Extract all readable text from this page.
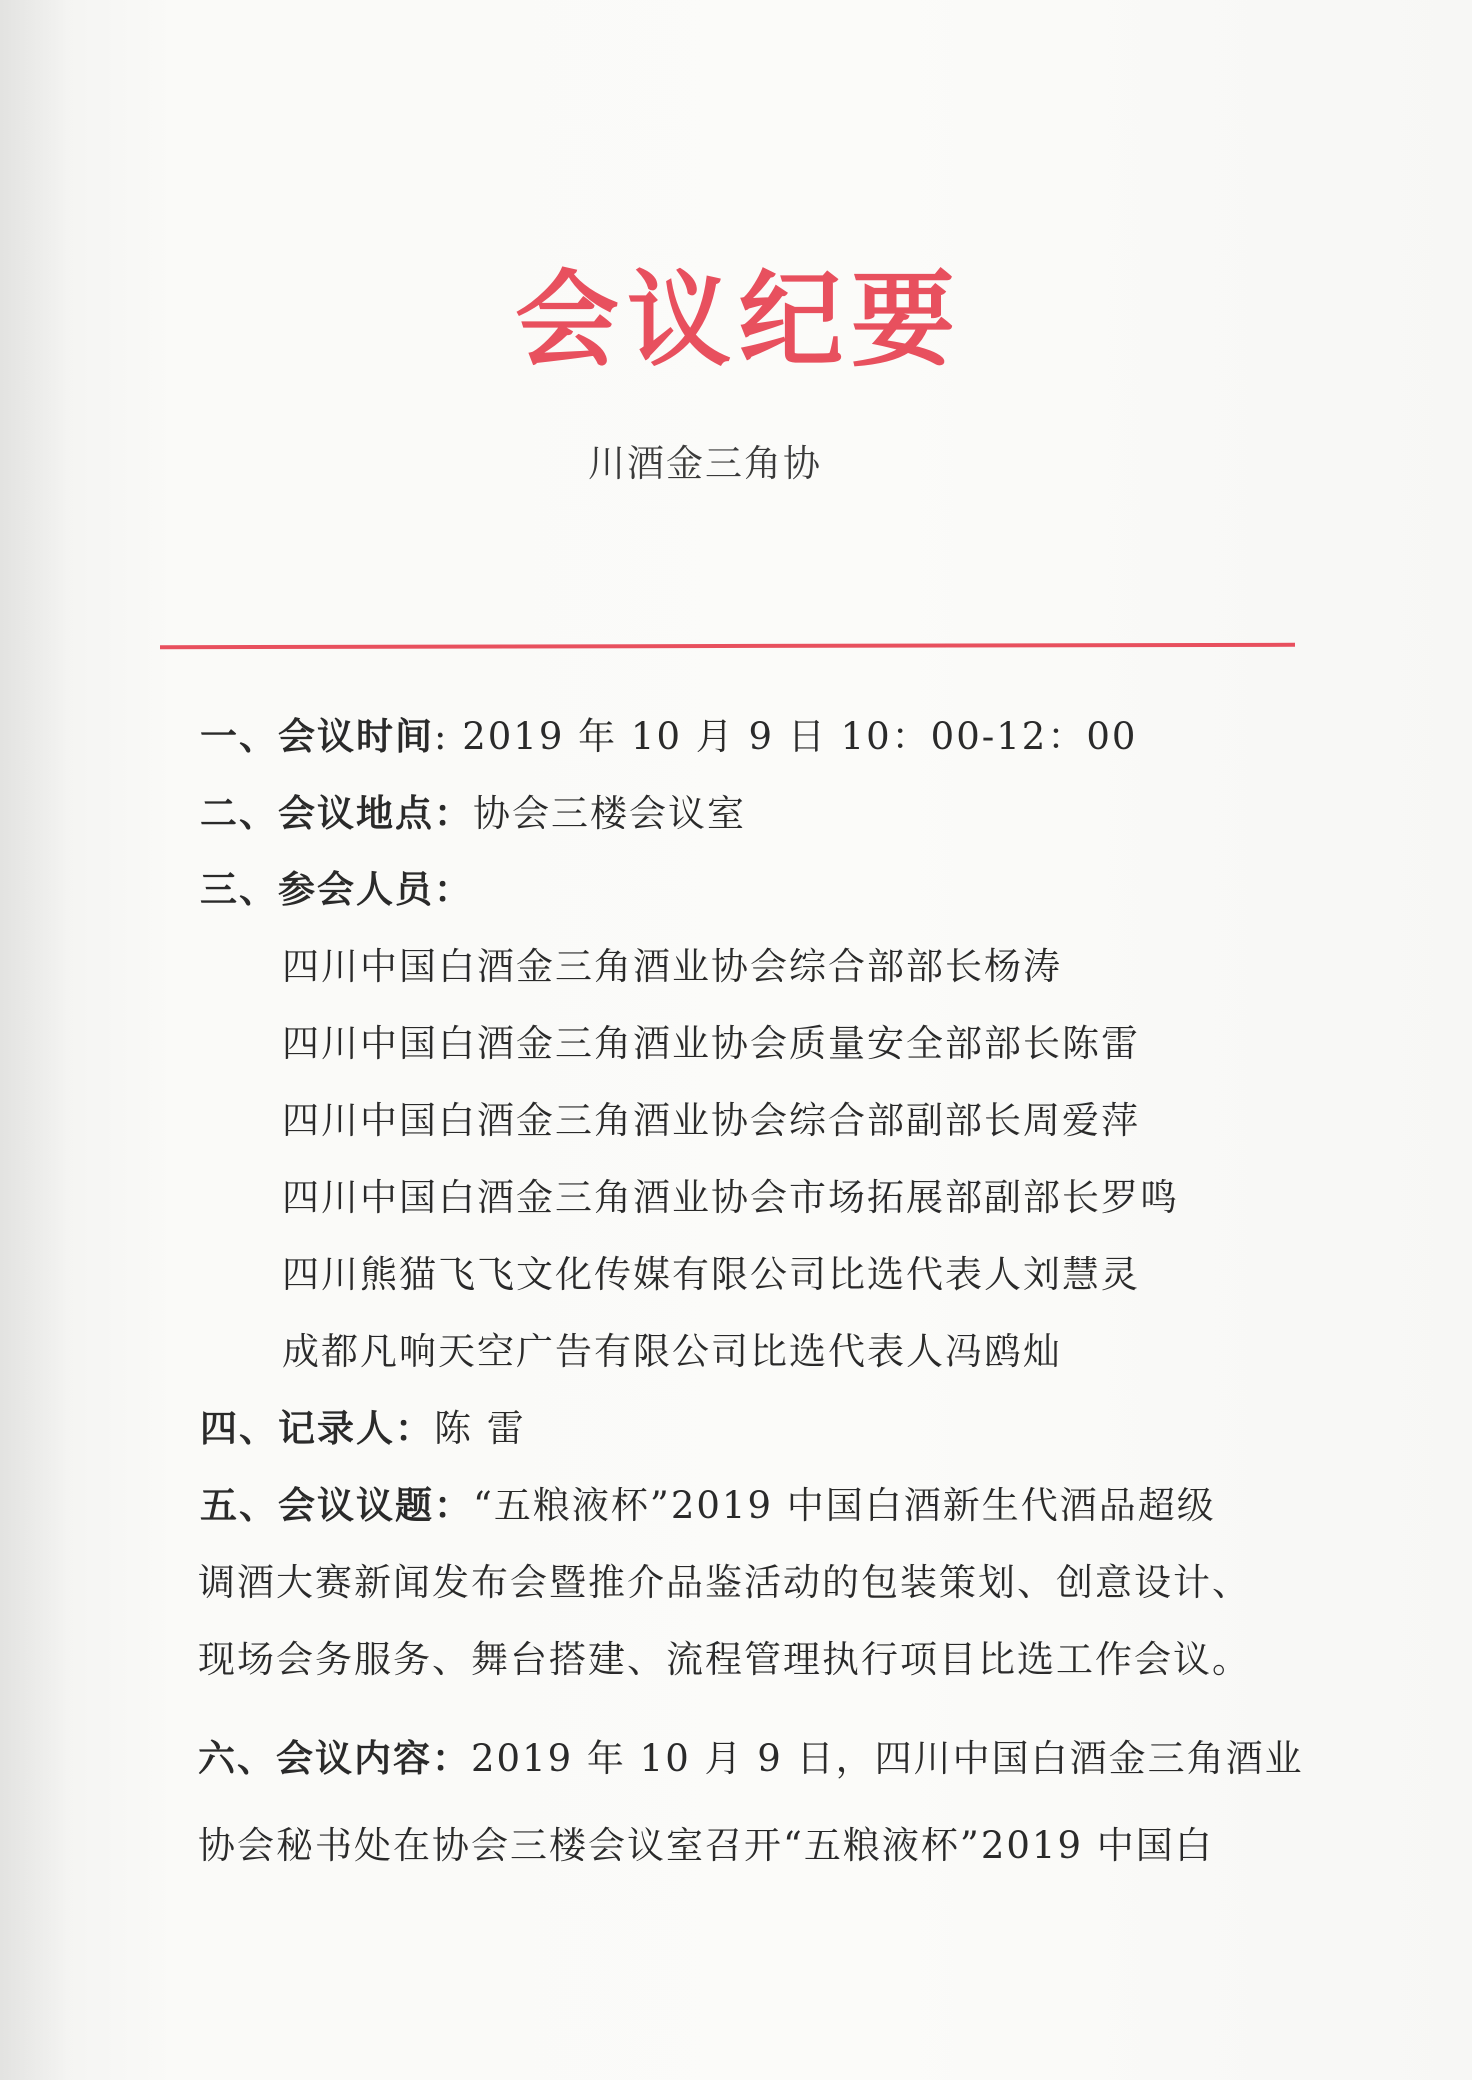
会议纪要
川酒金三角协
一、会议时间: 2019 年 10 月 9 日 10：00-12：00
二、会议地点：协会三楼会议室
三、参会人员：
四川中国白酒金三角酒业协会综合部部长杨涛
四川中国白酒金三角酒业协会质量安全部部长陈雷
四川中国白酒金三角酒业协会综合部副部长周爱萍
四川中国白酒金三角酒业协会市场拓展部副部长罗鸣
四川熊猫飞飞文化传媒有限公司比选代表人刘慧灵
成都凡响天空广告有限公司比选代表人冯鸥灿
四、记录人：陈 雷
五、会议议题：“五粮液杯”2019 中国白酒新生代酒品超级
调酒大赛新闻发布会暨推介品鉴活动的包装策划、创意设计、
现场会务服务、舞台搭建、流程管理执行项目比选工作会议。
六、会议内容：2019 年 10 月 9 日，四川中国白酒金三角酒业
协会秘书处在协会三楼会议室召开“五粮液杯”2019 中国白
